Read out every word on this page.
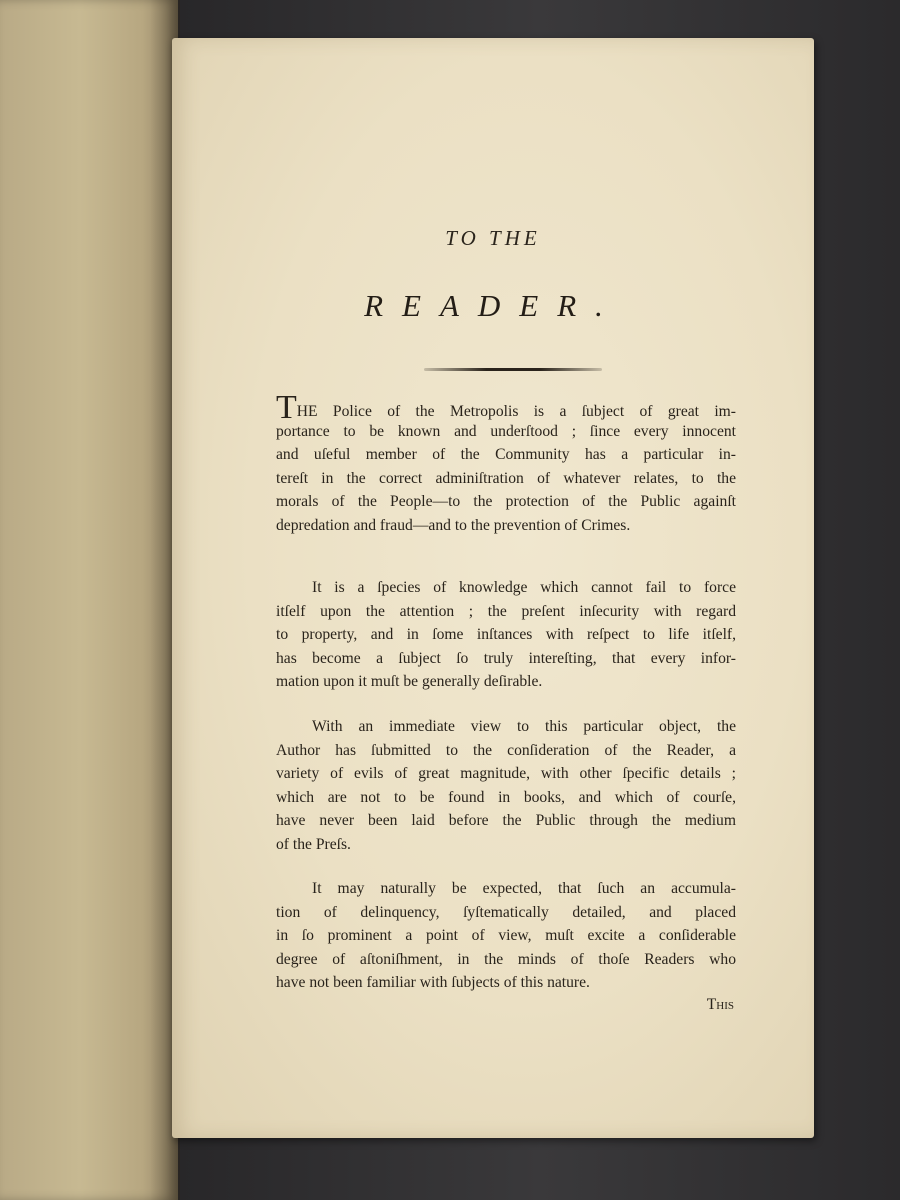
TO THE
READER.
THE Police of the Metropolis is a ſubject of great im-
portance to be known and underſtood ; ſince every innocent
and uſeful member of the Community has a particular in-
tereſt in the correct adminiſtration of whatever relates, to the
morals of the People—to the protection of the Public againſt
depredation and fraud—and to the prevention of Crimes.
It is a ſpecies of knowledge which cannot fail to force
itſelf upon the attention ; the preſent inſecurity with regard
to property, and in ſome inſtances with reſpect to life itſelf,
has become a ſubject ſo truly intereſting, that every infor-
mation upon it muſt be generally deſirable.
With an immediate view to this particular object, the
Author has ſubmitted to the conſideration of the Reader, a
variety of evils of great magnitude, with other ſpecific details ;
which are not to be found in books, and which of courſe,
have never been laid before the Public through the medium
of the Preſs.
It may naturally be expected, that ſuch an accumula-
tion of delinquency, ſyſtematically detailed, and placed
in ſo prominent a point of view, muſt excite a conſiderable
degree of aſtoniſhment, in the minds of thoſe Readers who
have not been familiar with ſubjects of this nature.
This
